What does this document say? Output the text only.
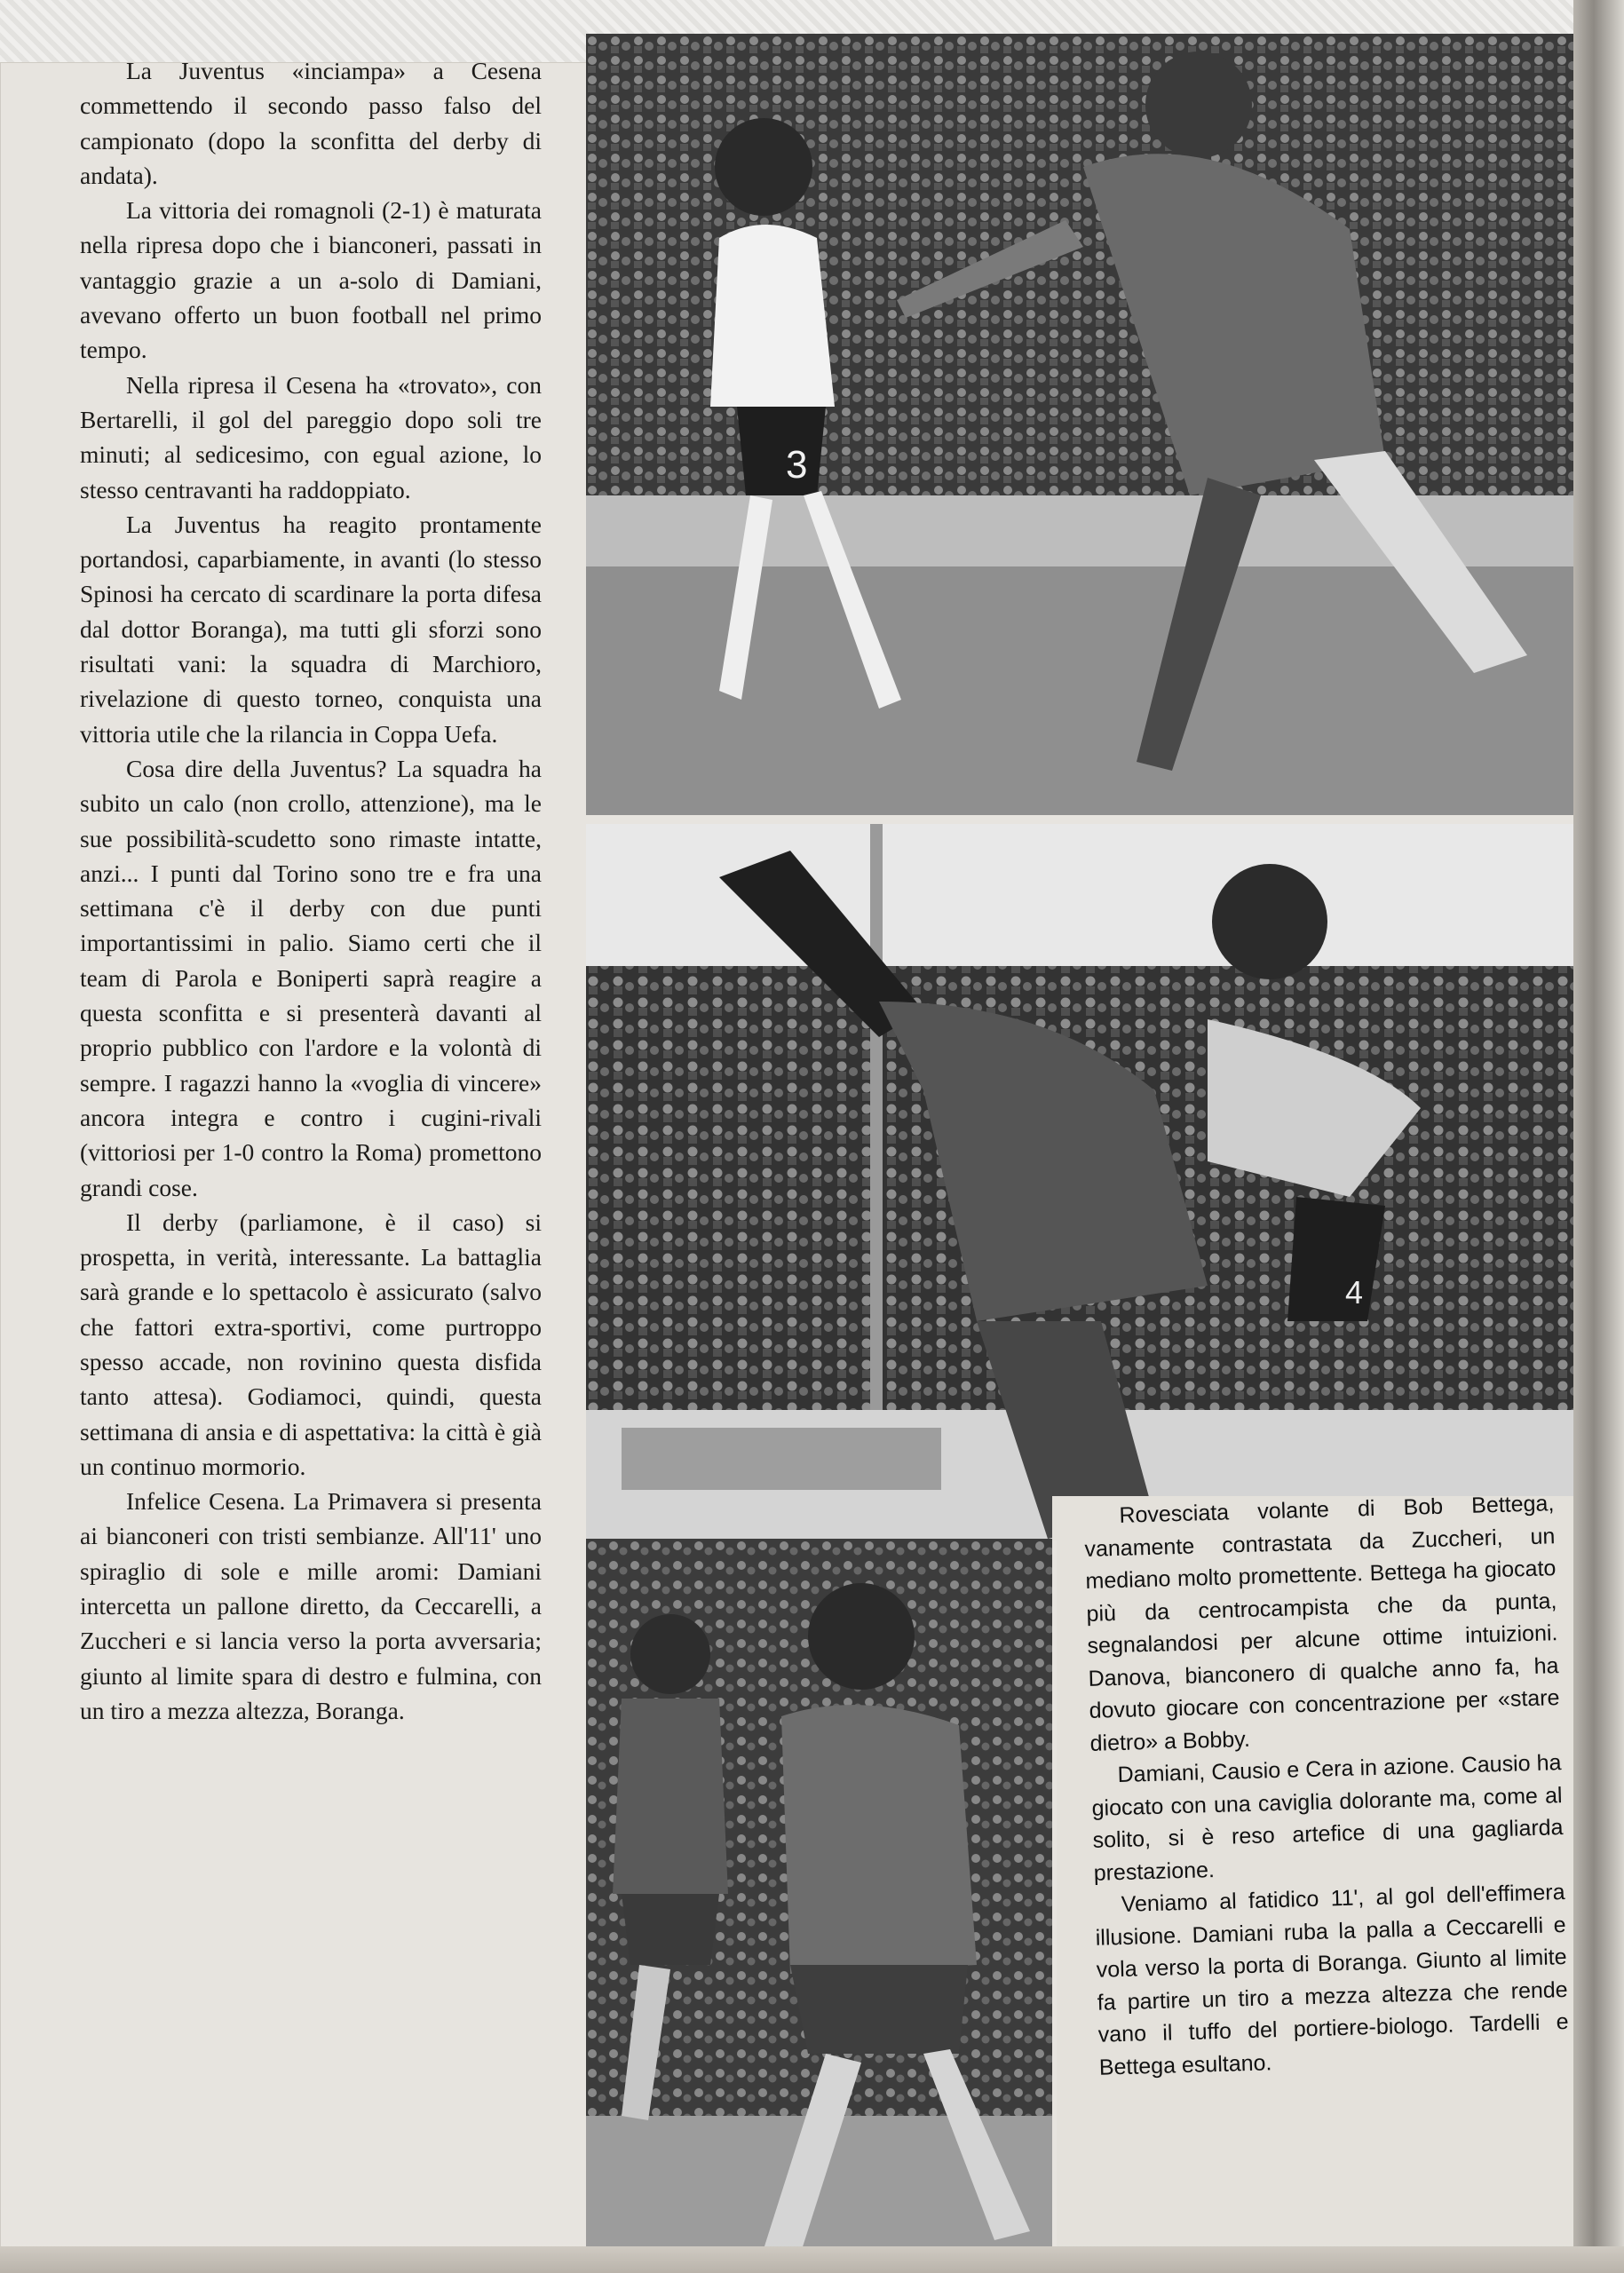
La Juventus «inciampa» a Cesena commettendo il secondo passo falso del campionato (dopo la sconfitta del derby di andata).

La vittoria dei romagnoli (2-1) è maturata nella ripresa dopo che i bianconeri, passati in vantaggio grazie a un a-solo di Damiani, avevano offerto un buon football nel primo tempo.

Nella ripresa il Cesena ha «trovato», con Bertarelli, il gol del pareggio dopo soli tre minuti; al sedicesimo, con egual azione, lo stesso centravanti ha raddoppiato.

La Juventus ha reagito prontamente portandosi, caparbiamente, in avanti (lo stesso Spinosi ha cercato di scardinare la porta difesa dal dottor Boranga), ma tutti gli sforzi sono risultati vani: la squadra di Marchioro, rivelazione di questo torneo, conquista una vittoria utile che la rilancia in Coppa Uefa.

Cosa dire della Juventus? La squadra ha subito un calo (non crollo, attenzione), ma le sue possibilità-scudetto sono rimaste intatte, anzi... I punti dal Torino sono tre e fra una settimana c'è il derby con due punti importantissimi in palio. Siamo certi che il team di Parola e Boniperti saprà reagire a questa sconfitta e si presenterà davanti al proprio pubblico con l'ardore e la volontà di sempre. I ragazzi hanno la «voglia di vincere» ancora integra e contro i cugini-rivali (vittoriosi per 1-0 contro la Roma) promettono grandi cose.

Il derby (parliamone, è il caso) si prospetta, in verità, interessante. La battaglia sarà grande e lo spettacolo è assicurato (salvo che fattori extra-sportivi, come purtroppo spesso accade, non rovinino questa disfida tanto attesa). Godiamoci, quindi, questa settimana di ansia e di aspettativa: la città è già un continuo mormorio.

Infelice Cesena. La Primavera si presenta ai bianconeri con tristi sembianze. All'11' uno spiraglio di sole e mille aromi: Damiani intercetta un pallone diretto, da Ceccarelli, a Zuccheri e si lancia verso la porta avversaria; giunto al limite spara di destro e fulmina, con un tiro a mezza altezza, Boranga.

3
4

Rovesciata volante di Bob Bettega, vanamente contrastata da Zuccheri, un mediano molto promettente. Bettega ha giocato più da centrocampista che da punta, segnalandosi per alcune ottime intuizioni. Danova, bianconero di qualche anno fa, ha dovuto giocare con concentrazione per «stare dietro» a Bobby.

Damiani, Causio e Cera in azione. Causio ha giocato con una caviglia dolorante ma, come al solito, si è reso artefice di una gagliarda prestazione.

Veniamo al fatidico 11', al gol dell'effimera illusione. Damiani ruba la palla a Ceccarelli e vola verso la porta di Boranga. Giunto al limite fa partire un tiro a mezza altezza che rende vano il tuffo del portiere-biologo. Tardelli e Bettega esultano.
